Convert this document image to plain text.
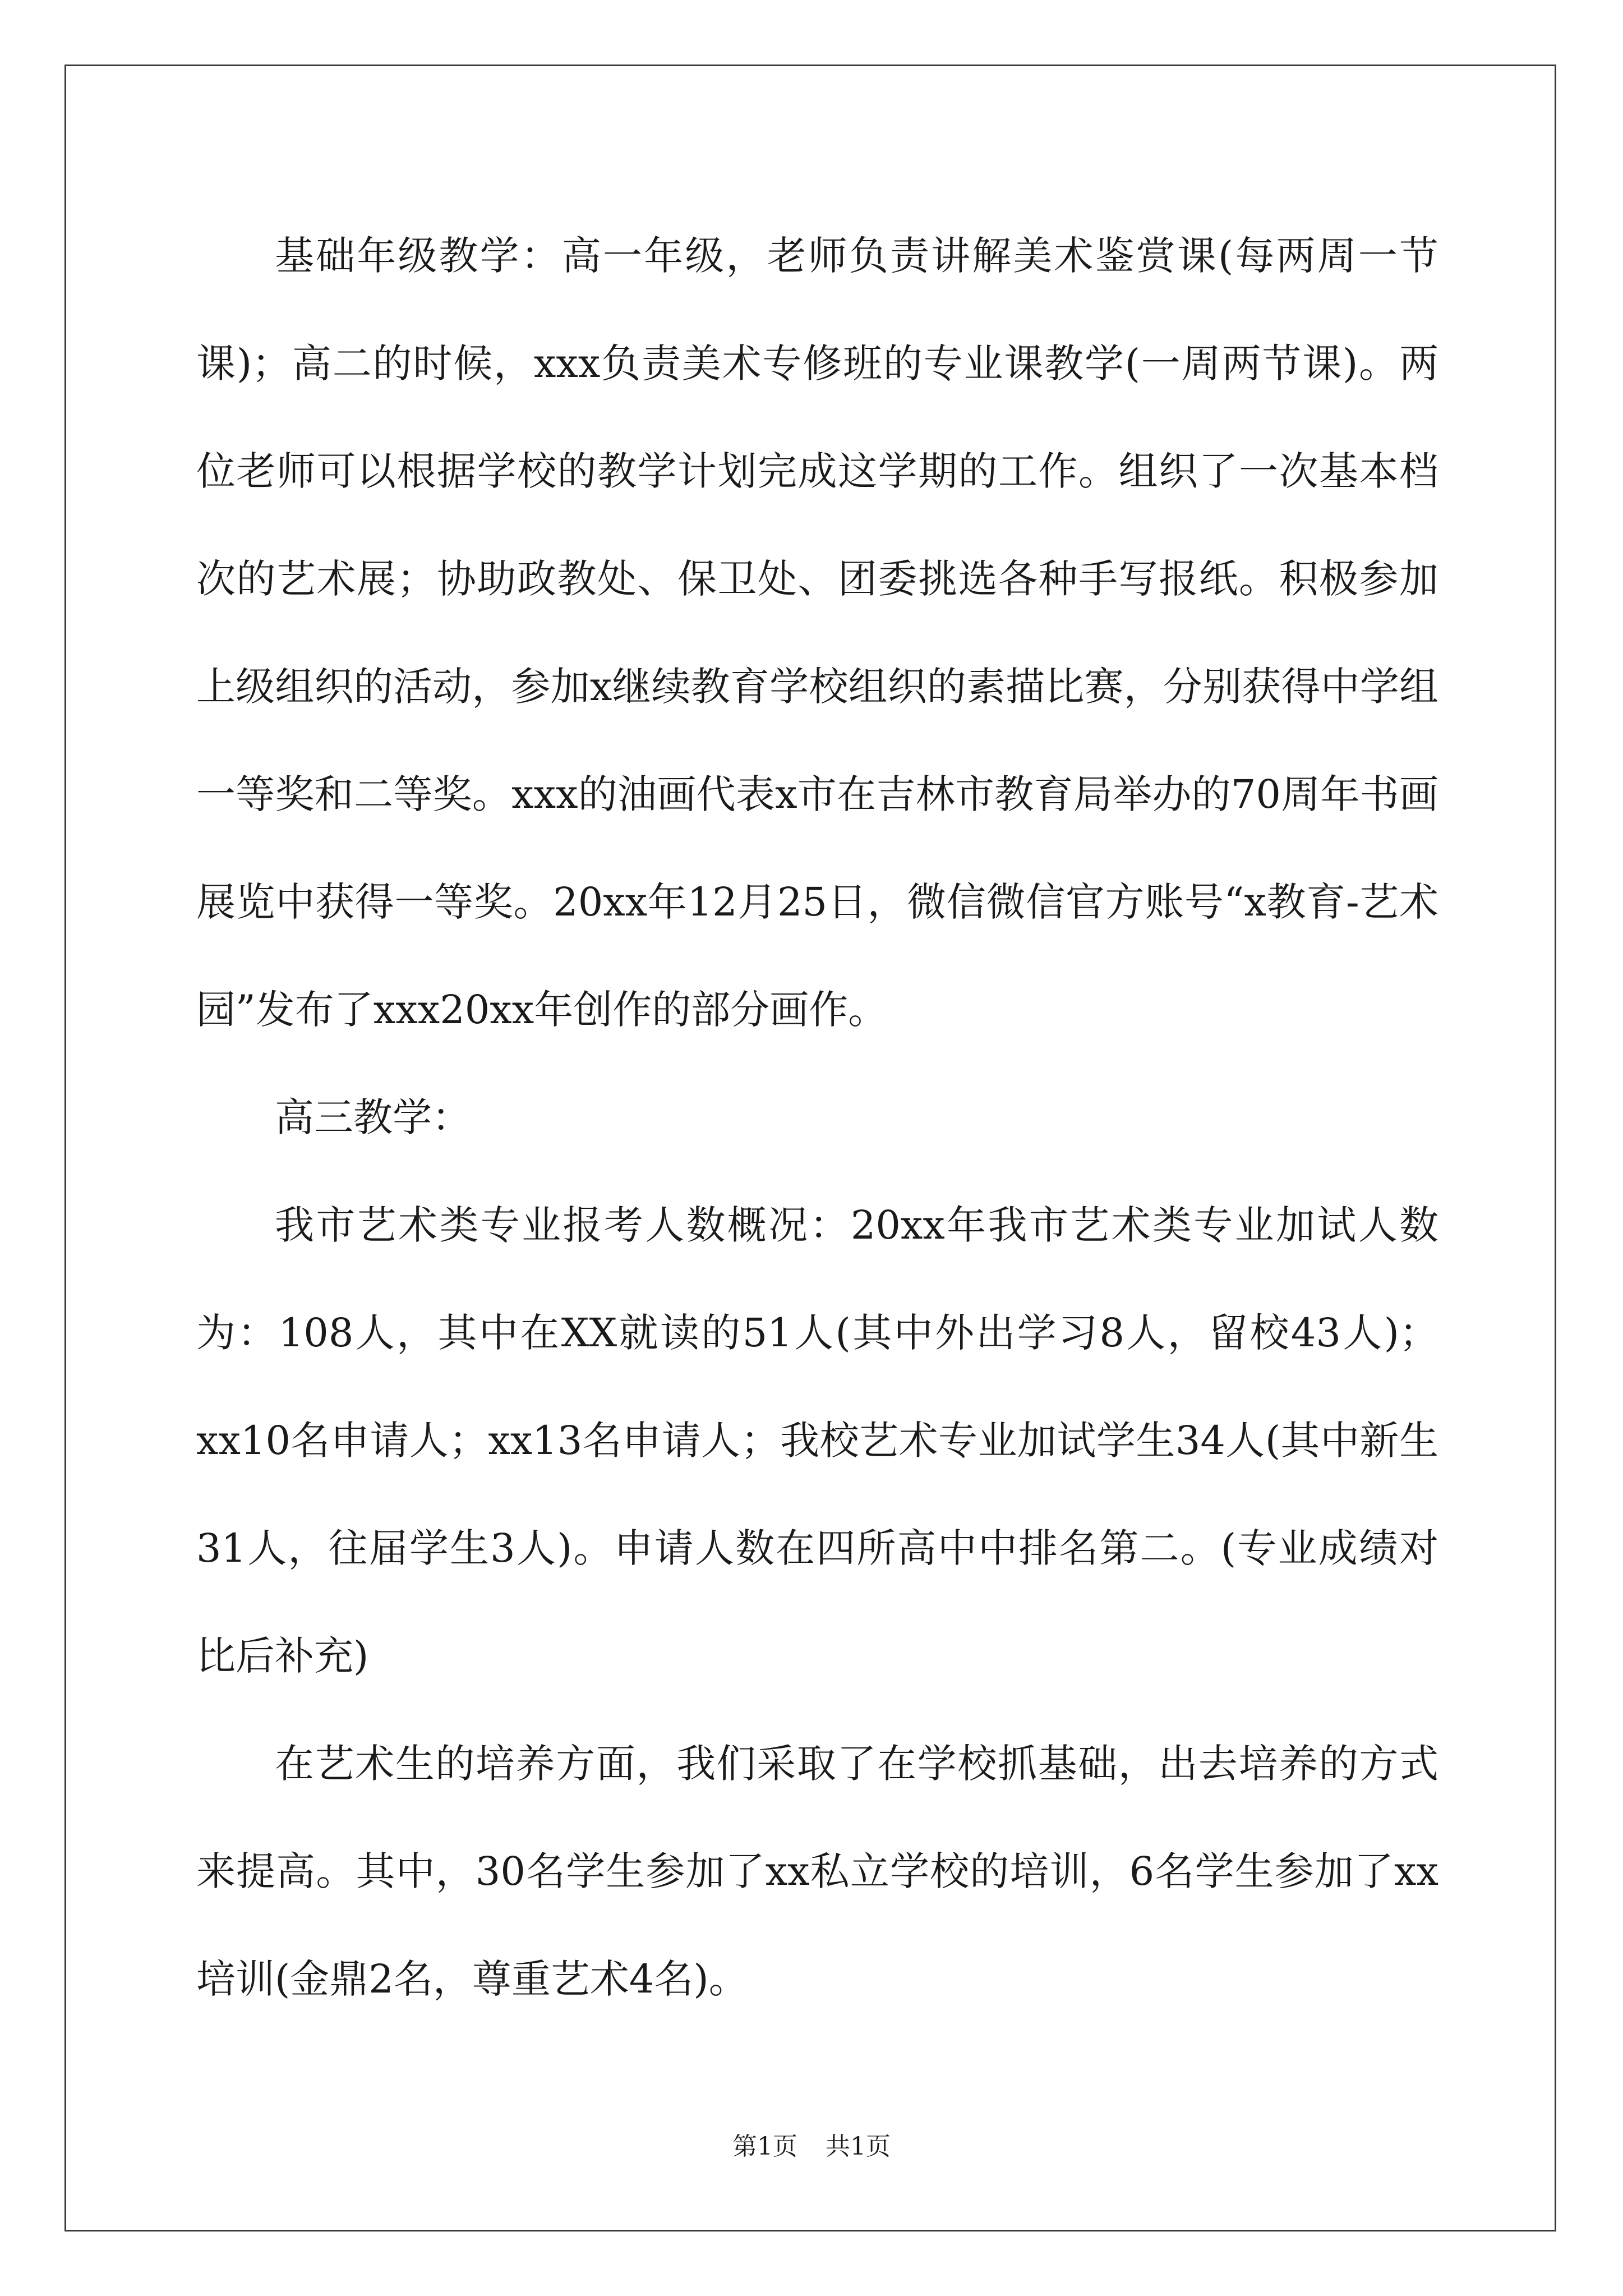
基础年级教学：高一年级，老师负责讲解美术鉴赏课(每两周一节课)；高二的时候，xxx负责美术专修班的专业课教学(一周两节课)。两位老师可以根据学校的教学计划完成这学期的工作。组织了一次基本档次的艺术展；协助政教处、保卫处、团委挑选各种手写报纸。积极参加上级组织的活动，参加x继续教育学校组织的素描比赛，分别获得中学组一等奖和二等奖。xxx的油画代表x市在吉林市教育局举办的70周年书画展览中获得一等奖。20xx年12月25日，微信微信官方账号“x教育-艺术园”发布了xxx20xx年创作的部分画作。

高三教学：

我市艺术类专业报考人数概况：20xx年我市艺术类专业加试人数为：108人，其中在XX就读的51人(其中外出学习8人，留校43人)；xx10名申请人；xx13名申请人；我校艺术专业加试学生34人(其中新生31人，往届学生3人)。申请人数在四所高中中排名第二。(专业成绩对比后补充)

在艺术生的培养方面，我们采取了在学校抓基础，出去培养的方式来提高。其中，30名学生参加了xx私立学校的培训，6名学生参加了xx培训(金鼎2名，尊重艺术4名)。

第1页 共1页
